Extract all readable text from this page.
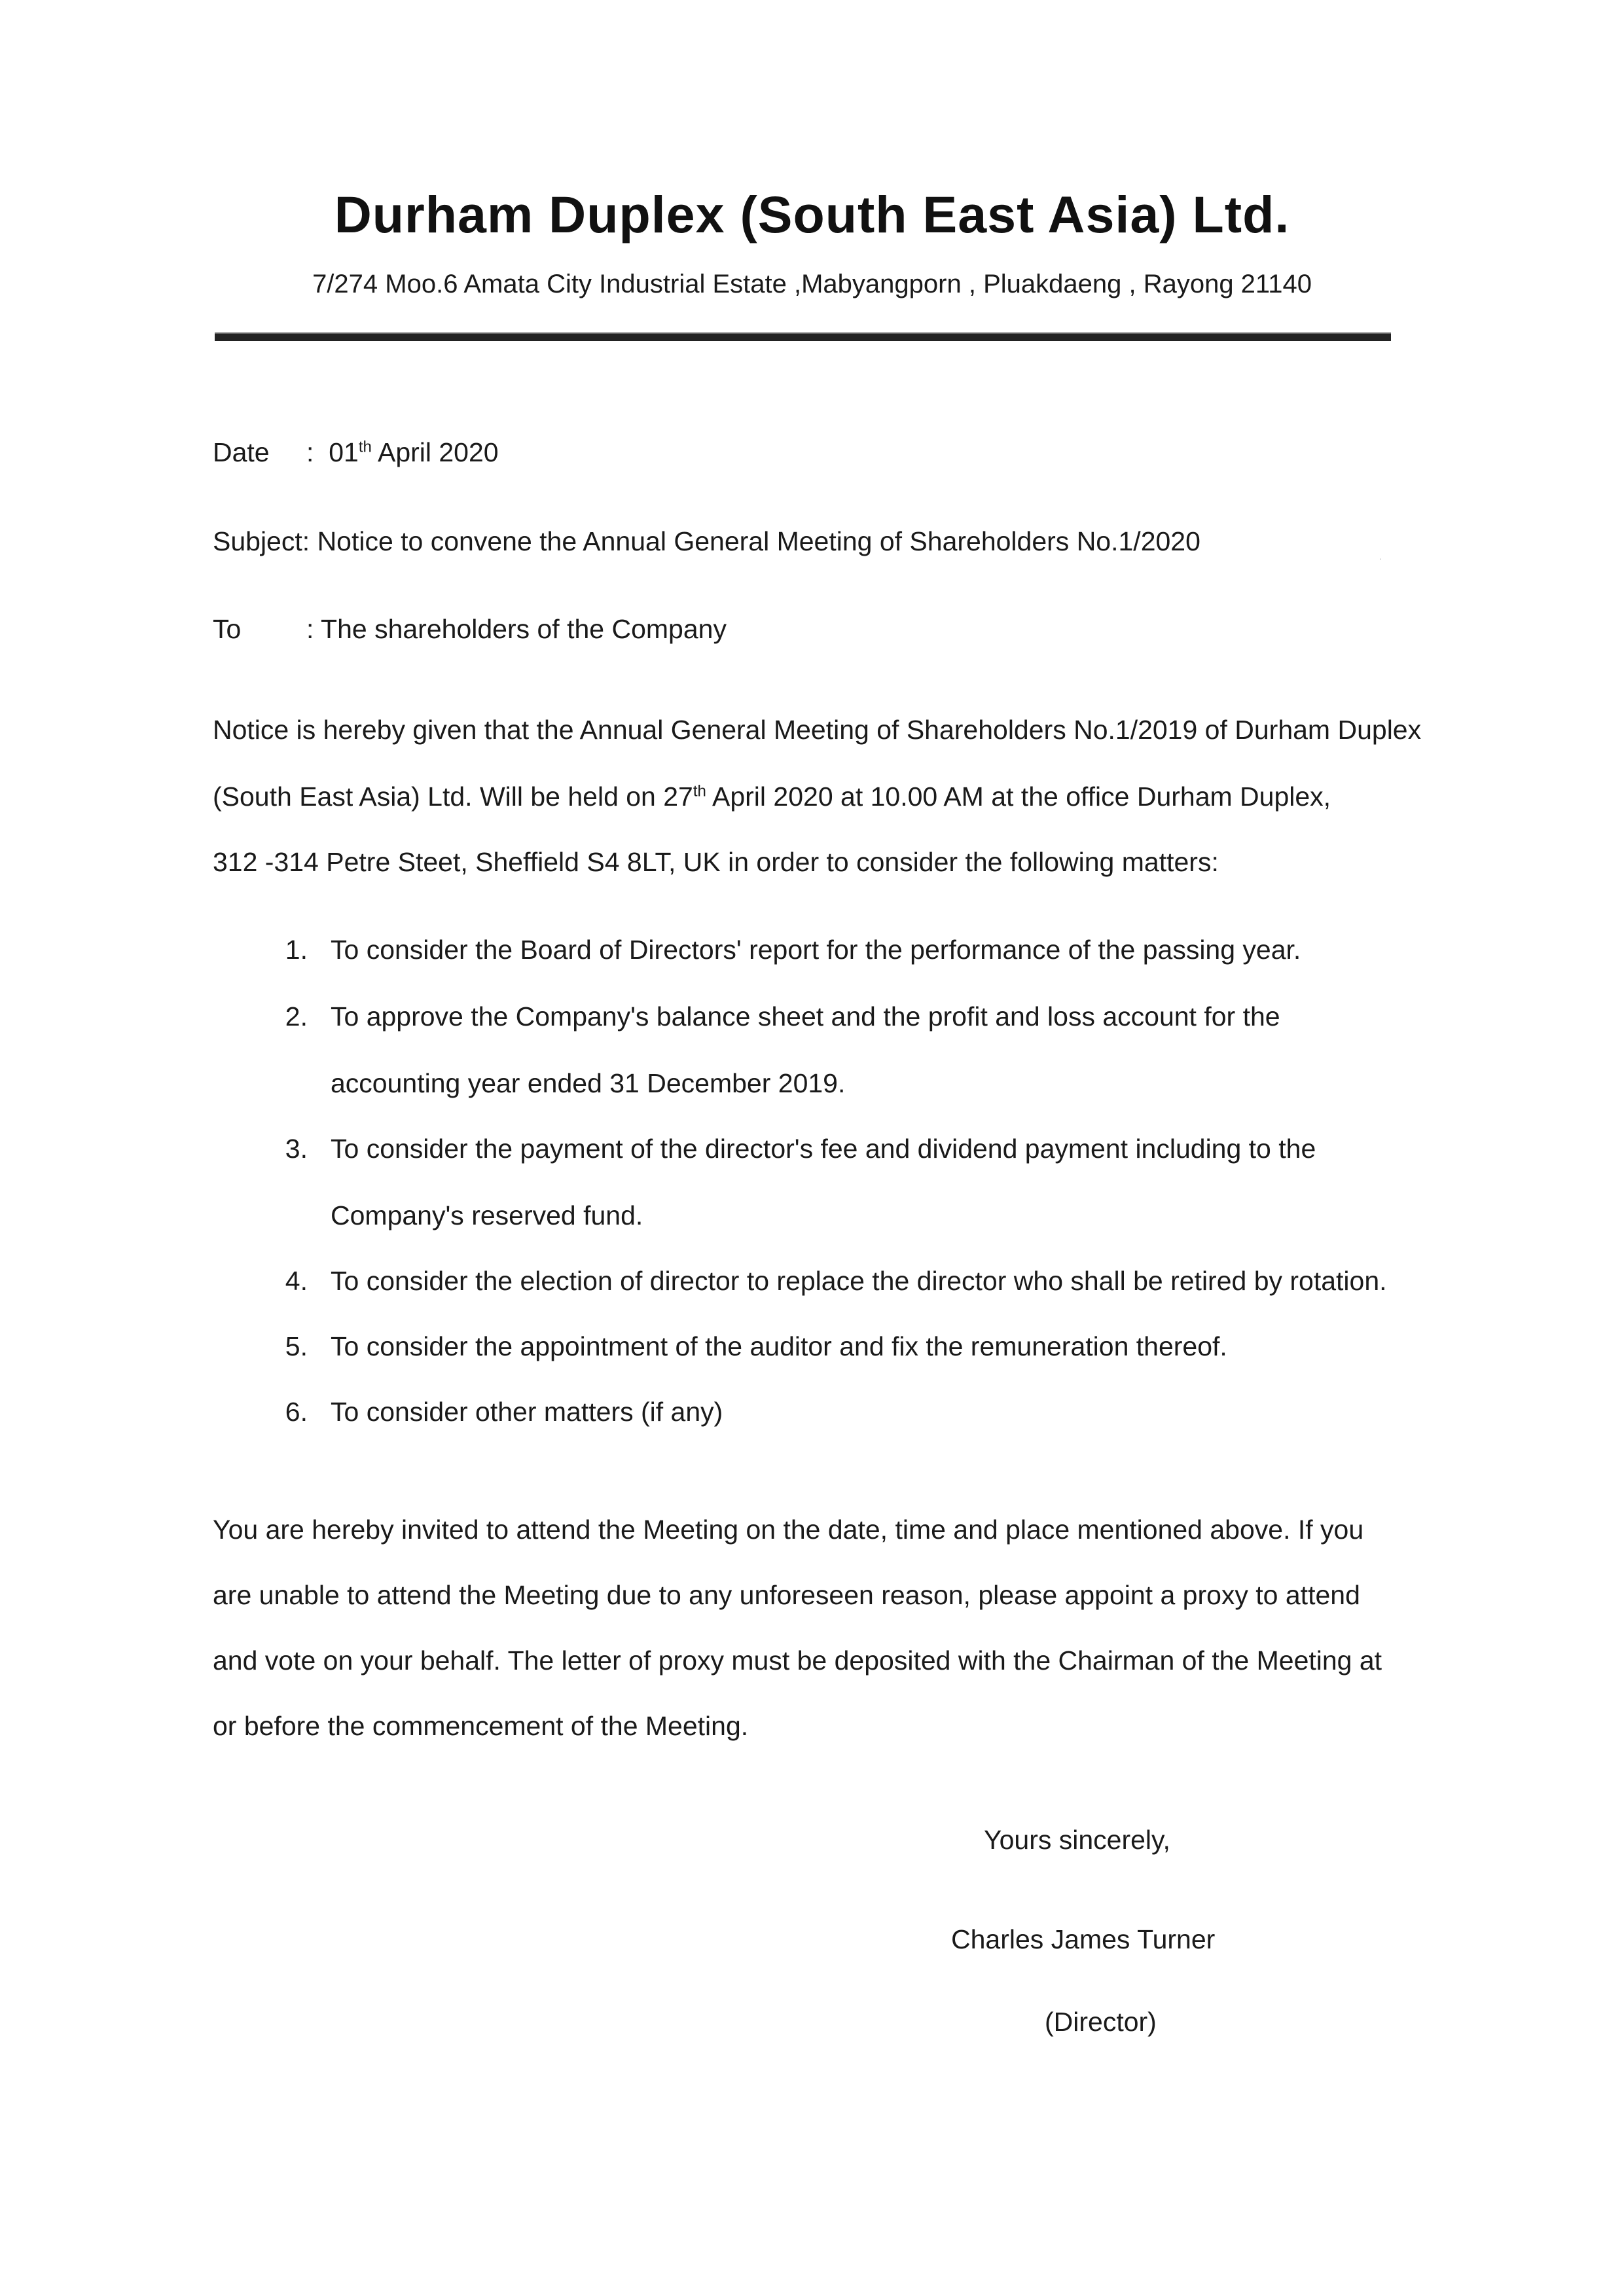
Durham Duplex (South East Asia) Ltd.

7/274 Moo.6 Amata City Industrial Estate ,Mabyangporn , Pluakdaeng , Rayong 21140

·
Date : 01th April 2020
Subject: Notice to convene the Annual General Meeting of Shareholders No.1/2020
To : The shareholders of the Company

Notice is hereby given that the Annual General Meeting of Shareholders No.1/2019 of Durham Duplex

(South East Asia) Ltd. Will be held on 27th April 2020 at 10.00 AM at the office Durham Duplex,

312 -314 Petre Steet, Sheffield S4 8LT, UK in order to consider the following matters:

1. To consider the Board of Directors' report for the performance of the passing year.
2. To approve the Company's balance sheet and the profit and loss account for the
accounting year ended 31 December 2019.
3. To consider the payment of the director's fee and dividend payment including to the
Company's reserved fund.
4. To consider the election of director to replace the director who shall be retired by rotation.
5. To consider the appointment of the auditor and fix the remuneration thereof.
6. To consider other matters (if any)

You are hereby invited to attend the Meeting on the date, time and place mentioned above. If you

are unable to attend the Meeting due to any unforeseen reason, please appoint a proxy to attend

and vote on your behalf. The letter of proxy must be deposited with the Chairman of the Meeting at

or before the commencement of the Meeting.

Yours sincerely,

Charles James Turner

(Director)
